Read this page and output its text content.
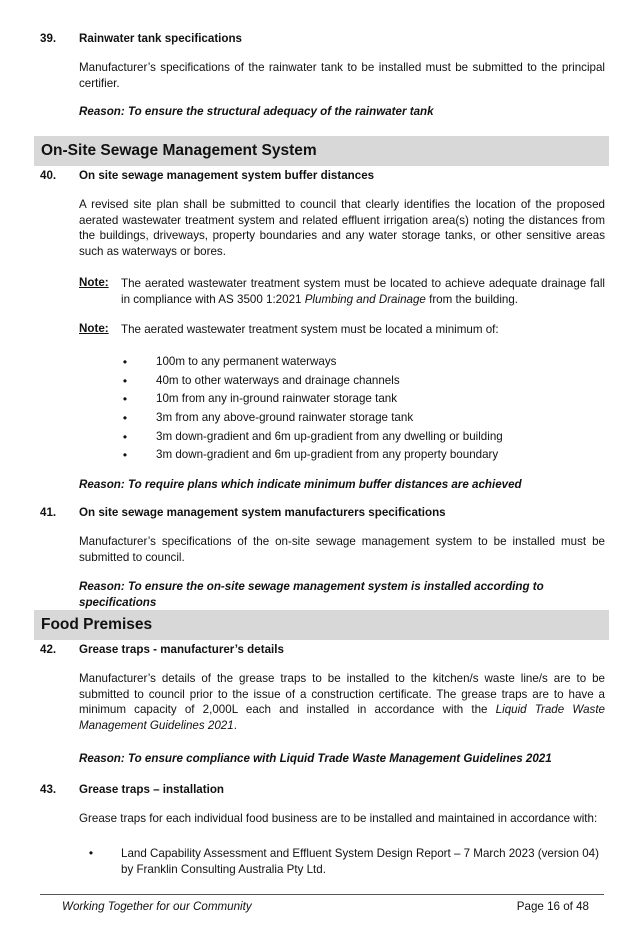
39. Rainwater tank specifications
Manufacturer’s specifications of the rainwater tank to be installed must be submitted to the principal certifier.
Reason: To ensure the structural adequacy of the rainwater tank
On-Site Sewage Management System
40. On site sewage management system buffer distances
A revised site plan shall be submitted to council that clearly identifies the location of the proposed aerated wastewater treatment system and related effluent irrigation area(s) noting the distances from the buildings, driveways, property boundaries and any water storage tanks, or other sensitive areas such as waterways or bores.
Note: The aerated wastewater treatment system must be located to achieve adequate drainage fall in compliance with AS 3500 1:2021 Plumbing and Drainage from the building.
Note: The aerated wastewater treatment system must be located a minimum of:
• 100m to any permanent waterways
• 40m to other waterways and drainage channels
• 10m from any in-ground rainwater storage tank
• 3m from any above-ground rainwater storage tank
• 3m down-gradient and 6m up-gradient from any dwelling or building
• 3m down-gradient and 6m up-gradient from any property boundary
Reason: To require plans which indicate minimum buffer distances are achieved
41. On site sewage management system manufacturers specifications
Manufacturer’s specifications of the on-site sewage management system to be installed must be submitted to council.
Reason: To ensure the on-site sewage management system is installed according to specifications
Food Premises
42. Grease traps - manufacturer’s details
Manufacturer’s details of the grease traps to be installed to the kitchen/s waste line/s are to be submitted to council prior to the issue of a construction certificate. The grease traps are to have a minimum capacity of 2,000L each and installed in accordance with the Liquid Trade Waste Management Guidelines 2021.
Reason: To ensure compliance with Liquid Trade Waste Management Guidelines 2021
43. Grease traps – installation
Grease traps for each individual food business are to be installed and maintained in accordance with:
• Land Capability Assessment and Effluent System Design Report – 7 March 2023 (version 04) by Franklin Consulting Australia Pty Ltd.
Working Together for our Community	Page 16 of 48
